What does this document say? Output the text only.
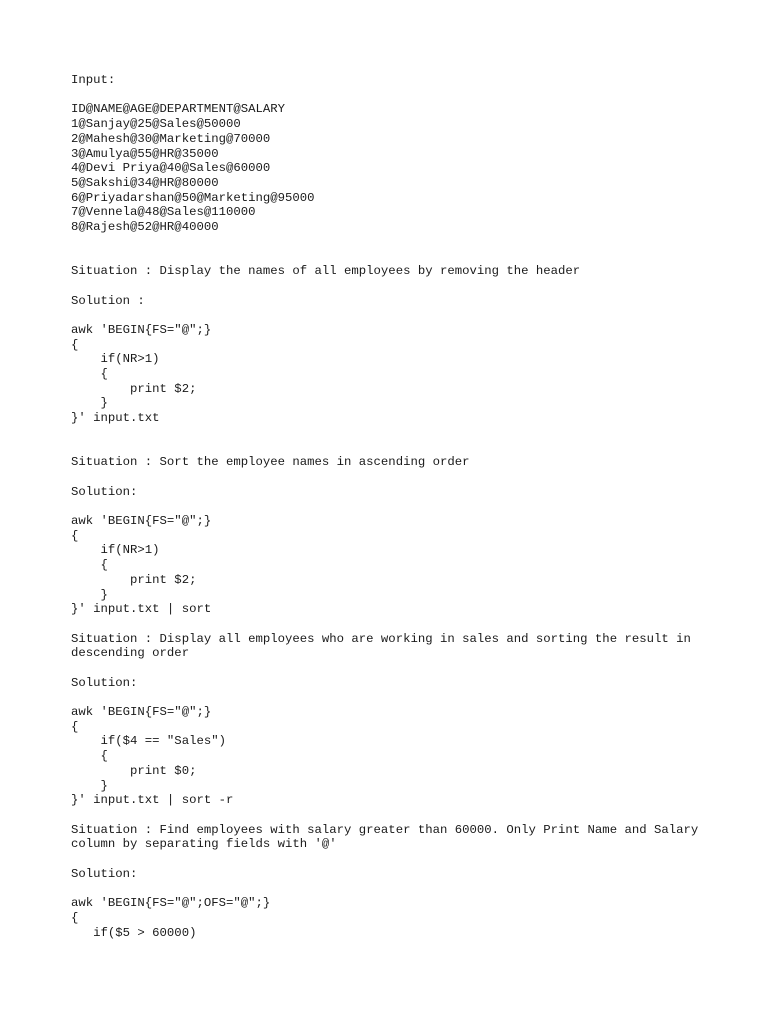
Input:
ID@NAME@AGE@DEPARTMENT@SALARY
1@Sanjay@25@Sales@50000
2@Mahesh@30@Marketing@70000
3@Amulya@55@HR@35000
4@Devi Priya@40@Sales@60000
5@Sakshi@34@HR@80000
6@Priyadarshan@50@Marketing@95000
7@Vennela@48@Sales@110000
8@Rajesh@52@HR@40000
Situation : Display the names of all employees by removing the header
Solution :
awk 'BEGIN{FS="@";}
{
if(NR>1)
{
print $2;
}
}' input.txt
Situation : Sort the employee names in ascending order
Solution:
awk 'BEGIN{FS="@";}
{
if(NR>1)
{
print $2;
}
}' input.txt | sort
Situation : Display all employees who are working in sales and sorting the result in descending order
Solution:
awk 'BEGIN{FS="@";}
{
if($4 == "Sales")
{
print $0;
}
}' input.txt | sort -r
Situation : Find employees with salary greater than 60000. Only Print Name and Salary column by separating fields with '@'
Solution:
awk 'BEGIN{FS="@";OFS="@";}
{
if($5 > 60000)
